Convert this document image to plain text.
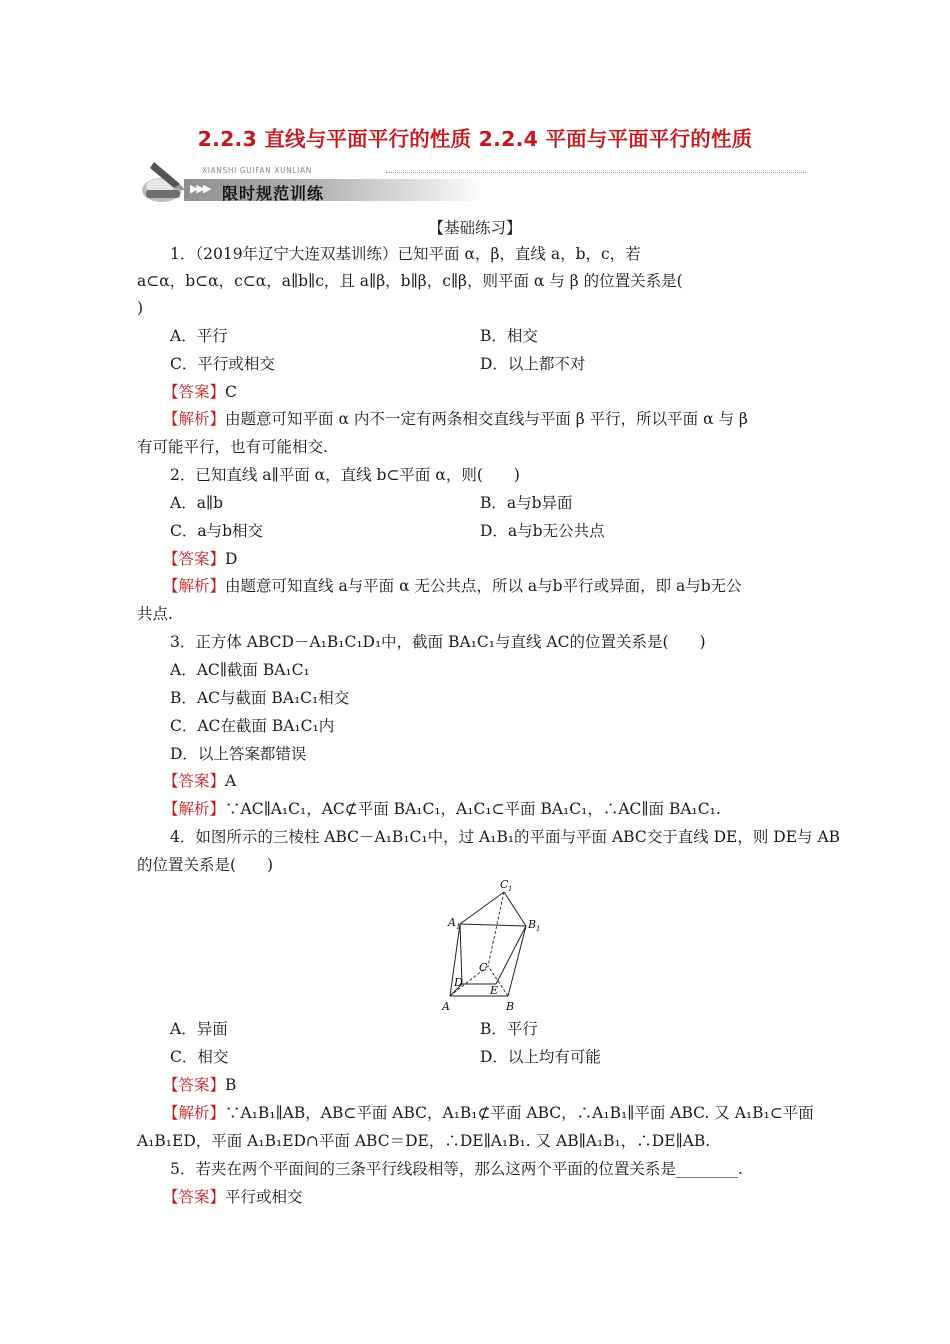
2.2.3 直线与平面平行的性质 2.2.4 平面与平面平行的性质
XIANSHI GUIFAN XUNLIAN
▶▶▶ 限时规范训练
【基础练习】
1．（2019年辽宁大连双基训练）已知平面 α，β，直线 a，b，c，若
a⊂α，b⊂α，c⊂α，a∥b∥c，且 a∥β，b∥β，c∥β，则平面 α 与 β 的位置关系是(
)
A．平行	B．相交
C．平行或相交	D．以上都不对
【答案】C
【解析】由题意可知平面 α 内不一定有两条相交直线与平面 β 平行，所以平面 α 与 β
有可能平行，也有可能相交.
2．已知直线 a∥平面 α，直线 b⊂平面 α，则(　　)
A．a∥b	B．a与b异面
C．a与b相交	D．a与b无公共点
【答案】D
【解析】由题意可知直线 a与平面 α 无公共点，所以 a与b平行或异面，即 a与b无公
共点.
3．正方体 ABCD－A₁B₁C₁D₁中，截面 BA₁C₁与直线 AC的位置关系是(　　)
A．AC∥截面 BA₁C₁
B．AC与截面 BA₁C₁相交
C．AC在截面 BA₁C₁内
D．以上答案都错误
【答案】A
【解析】∵AC∥A₁C₁，AC⊄平面 BA₁C₁，A₁C₁⊂平面 BA₁C₁，∴AC∥面 BA₁C₁.
4．如图所示的三棱柱 ABC－A₁B₁C₁中，过 A₁B₁的平面与平面 ABC交于直线 DE，则 DE与 AB
的位置关系是(　　)
C 1
A 1	B 1
C
D
E
A	B
A．异面	B．平行
C．相交	D．以上均有可能
【答案】B
【解析】∵A₁B₁∥AB，AB⊂平面 ABC，A₁B₁⊄平面 ABC，∴A₁B₁∥平面 ABC. 又 A₁B₁⊂平面
A₁B₁ED，平面 A₁B₁ED∩平面 ABC＝DE，∴DE∥A₁B₁. 又 AB∥A₁B₁，∴DE∥AB.
5．若夹在两个平面间的三条平行线段相等，那么这两个平面的位置关系是________.
【答案】平行或相交
